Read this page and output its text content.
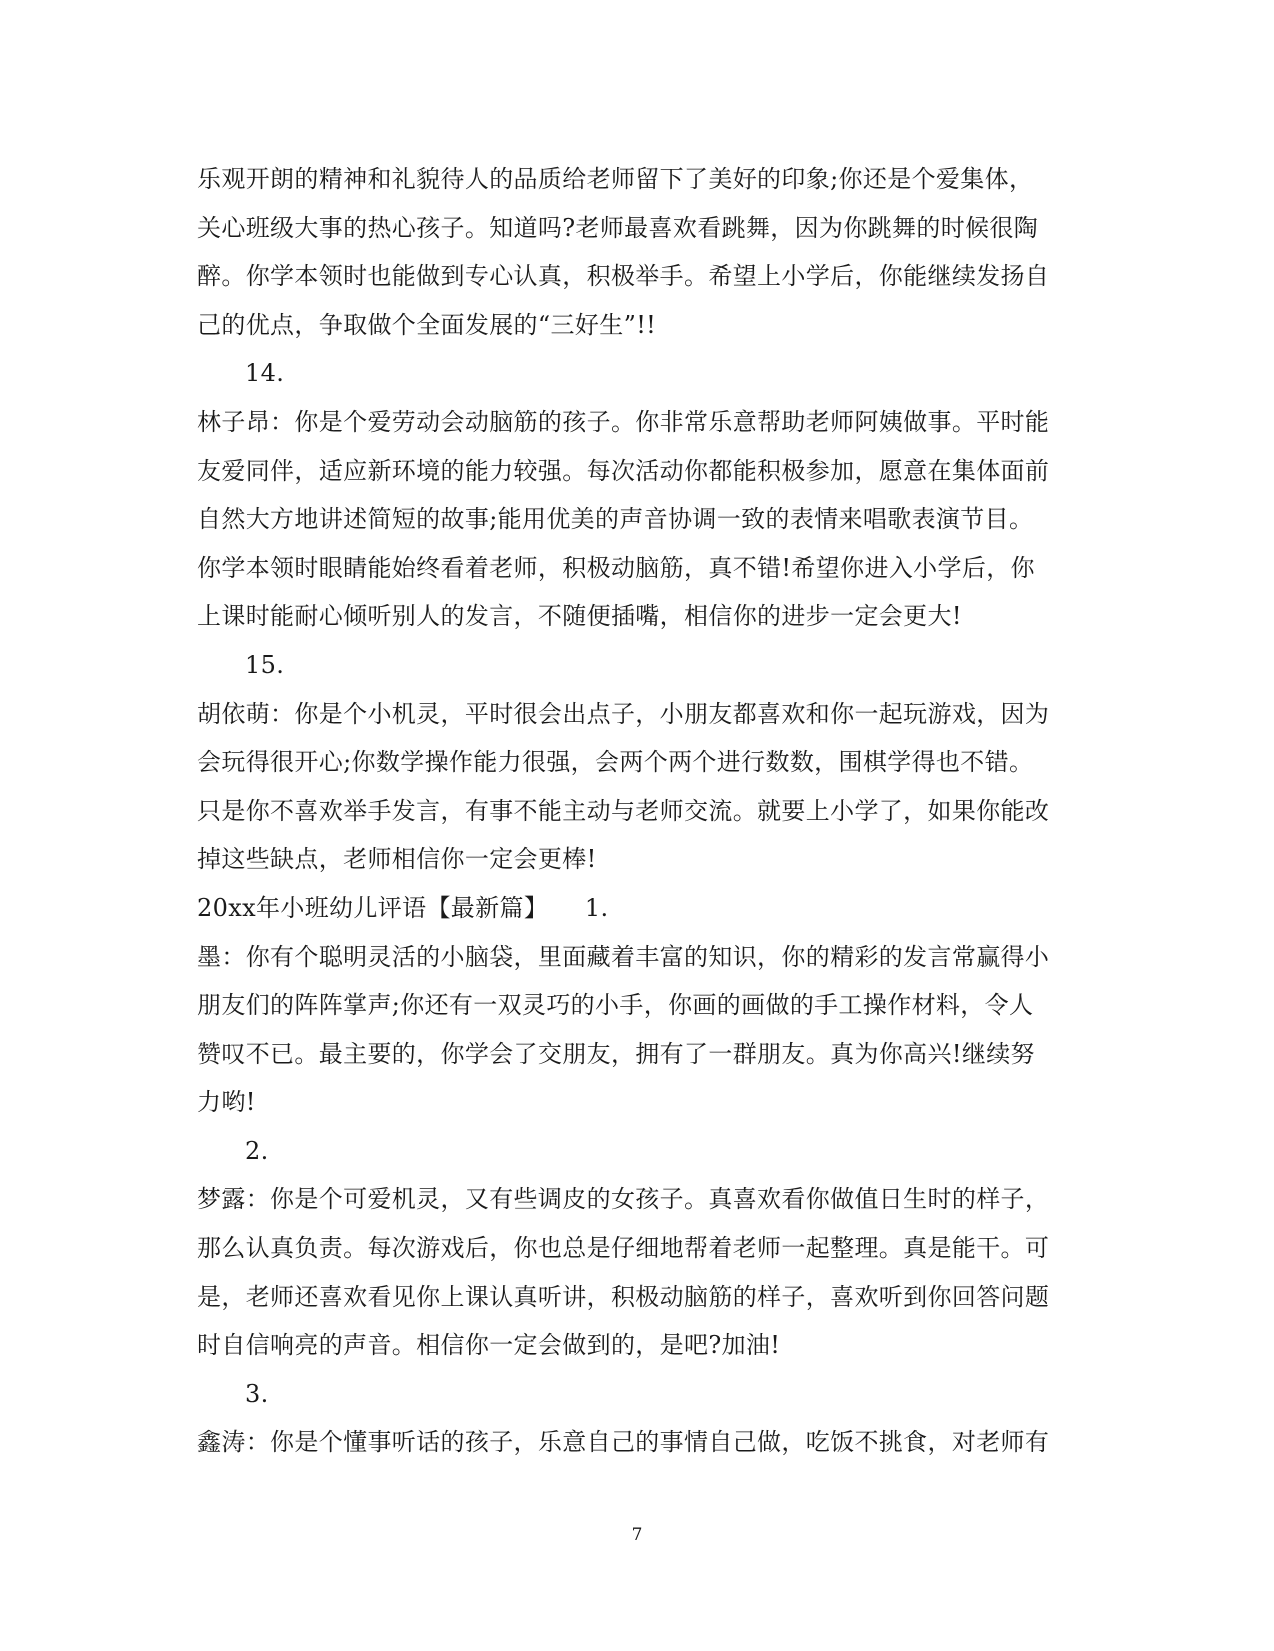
乐观开朗的精神和礼貌待人的品质给老师留下了美好的印象;你还是个爱集体，
关心班级大事的热心孩子。知道吗?老师最喜欢看跳舞，因为你跳舞的时候很陶
醉。你学本领时也能做到专心认真，积极举手。希望上小学后，你能继续发扬自
己的优点，争取做个全面发展的“三好生”!!
14.
林子昂：你是个爱劳动会动脑筋的孩子。你非常乐意帮助老师阿姨做事。平时能
友爱同伴，适应新环境的能力较强。每次活动你都能积极参加，愿意在集体面前
自然大方地讲述简短的故事;能用优美的声音协调一致的表情来唱歌表演节目。
你学本领时眼睛能始终看着老师，积极动脑筋，真不错!希望你进入小学后，你
上课时能耐心倾听别人的发言，不随便插嘴，相信你的进步一定会更大!
15.
胡依萌：你是个小机灵，平时很会出点子，小朋友都喜欢和你一起玩游戏，因为
会玩得很开心;你数学操作能力很强，会两个两个进行数数，围棋学得也不错。
只是你不喜欢举手发言，有事不能主动与老师交流。就要上小学了，如果你能改
掉这些缺点，老师相信你一定会更棒!
20xx年小班幼儿评语【最新篇】　　1.
墨：你有个聪明灵活的小脑袋，里面藏着丰富的知识，你的精彩的发言常赢得小
朋友们的阵阵掌声;你还有一双灵巧的小手，你画的画做的手工操作材料，令人
赞叹不已。最主要的，你学会了交朋友，拥有了一群朋友。真为你高兴!继续努
力哟!
2.
梦露：你是个可爱机灵，又有些调皮的女孩子。真喜欢看你做值日生时的样子，
那么认真负责。每次游戏后，你也总是仔细地帮着老师一起整理。真是能干。可
是，老师还喜欢看见你上课认真听讲，积极动脑筋的样子，喜欢听到你回答问题
时自信响亮的声音。相信你一定会做到的，是吧?加油!
3.
鑫涛：你是个懂事听话的孩子，乐意自己的事情自己做，吃饭不挑食，对老师有
7
